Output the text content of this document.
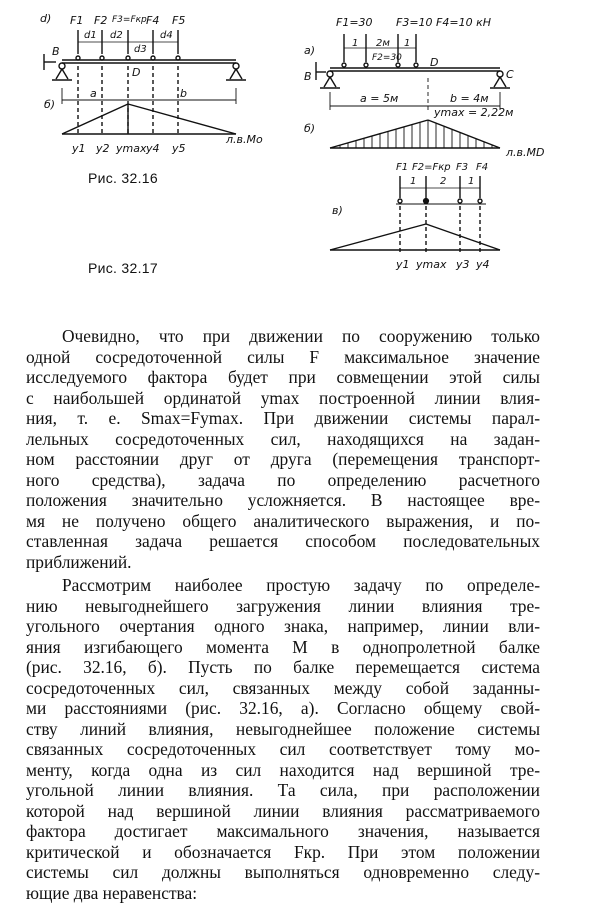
d) F1 F2 F3=Fкр F4 F5
d1 d2
d3
d4
B
D
б)
a	b
y1 y2 ymax y4 y5
л.в.Mо
Рис. 32.16
Рис. 32.17
F1=30 F3=10 F4=10 кН
F2=30
а)
1 2м 1
B
D
C
a = 5м	b = 4м
б)
ymax = 2,22м
л.в.MD
F1 F2=Fкр F3 F4
1 2 1
в)
y1 ymax y3 y4

Очевидно, что при движении по сооружению только
одной сосредоточенной силы F максимальное значение
исследуемого фактора будет при совмещении этой силы
с наибольшей ординатой ymax построенной линии влия-
ния, т. е. Smax=Fymax. При движении системы парал-
лельных сосредоточенных сил, находящихся на задан-
ном расстоянии друг от друга (перемещения транспорт-
ного средства), задача по определению расчетного
положения значительно усложняется. В настоящее вре-
мя не получено общего аналитического выражения, и по-
ставленная задача решается способом последовательных
приближений.

Рассмотрим наиболее простую задачу по определе-
нию невыгоднейшего загружения линии влияния тре-
угольного очертания одного знака, например, линии вли-
яния изгибающего момента M в однопролетной балке
(рис. 32.16, б). Пусть по балке перемещается система
сосредоточенных сил, связанных между собой заданны-
ми расстояниями (рис. 32.16, а). Согласно общему свой-
ству линий влияния, невыгоднейшее положение системы
связанных сосредоточенных сил соответствует тому мо-
менту, когда одна из сил находится над вершиной тре-
угольной линии влияния. Та сила, при расположении
которой над вершиной линии влияния рассматриваемого
фактора достигает максимального значения, называется
критической и обозначается Fкр. При этом положении
системы сил должны выполняться одновременно следу-
ющие два неравенства:
